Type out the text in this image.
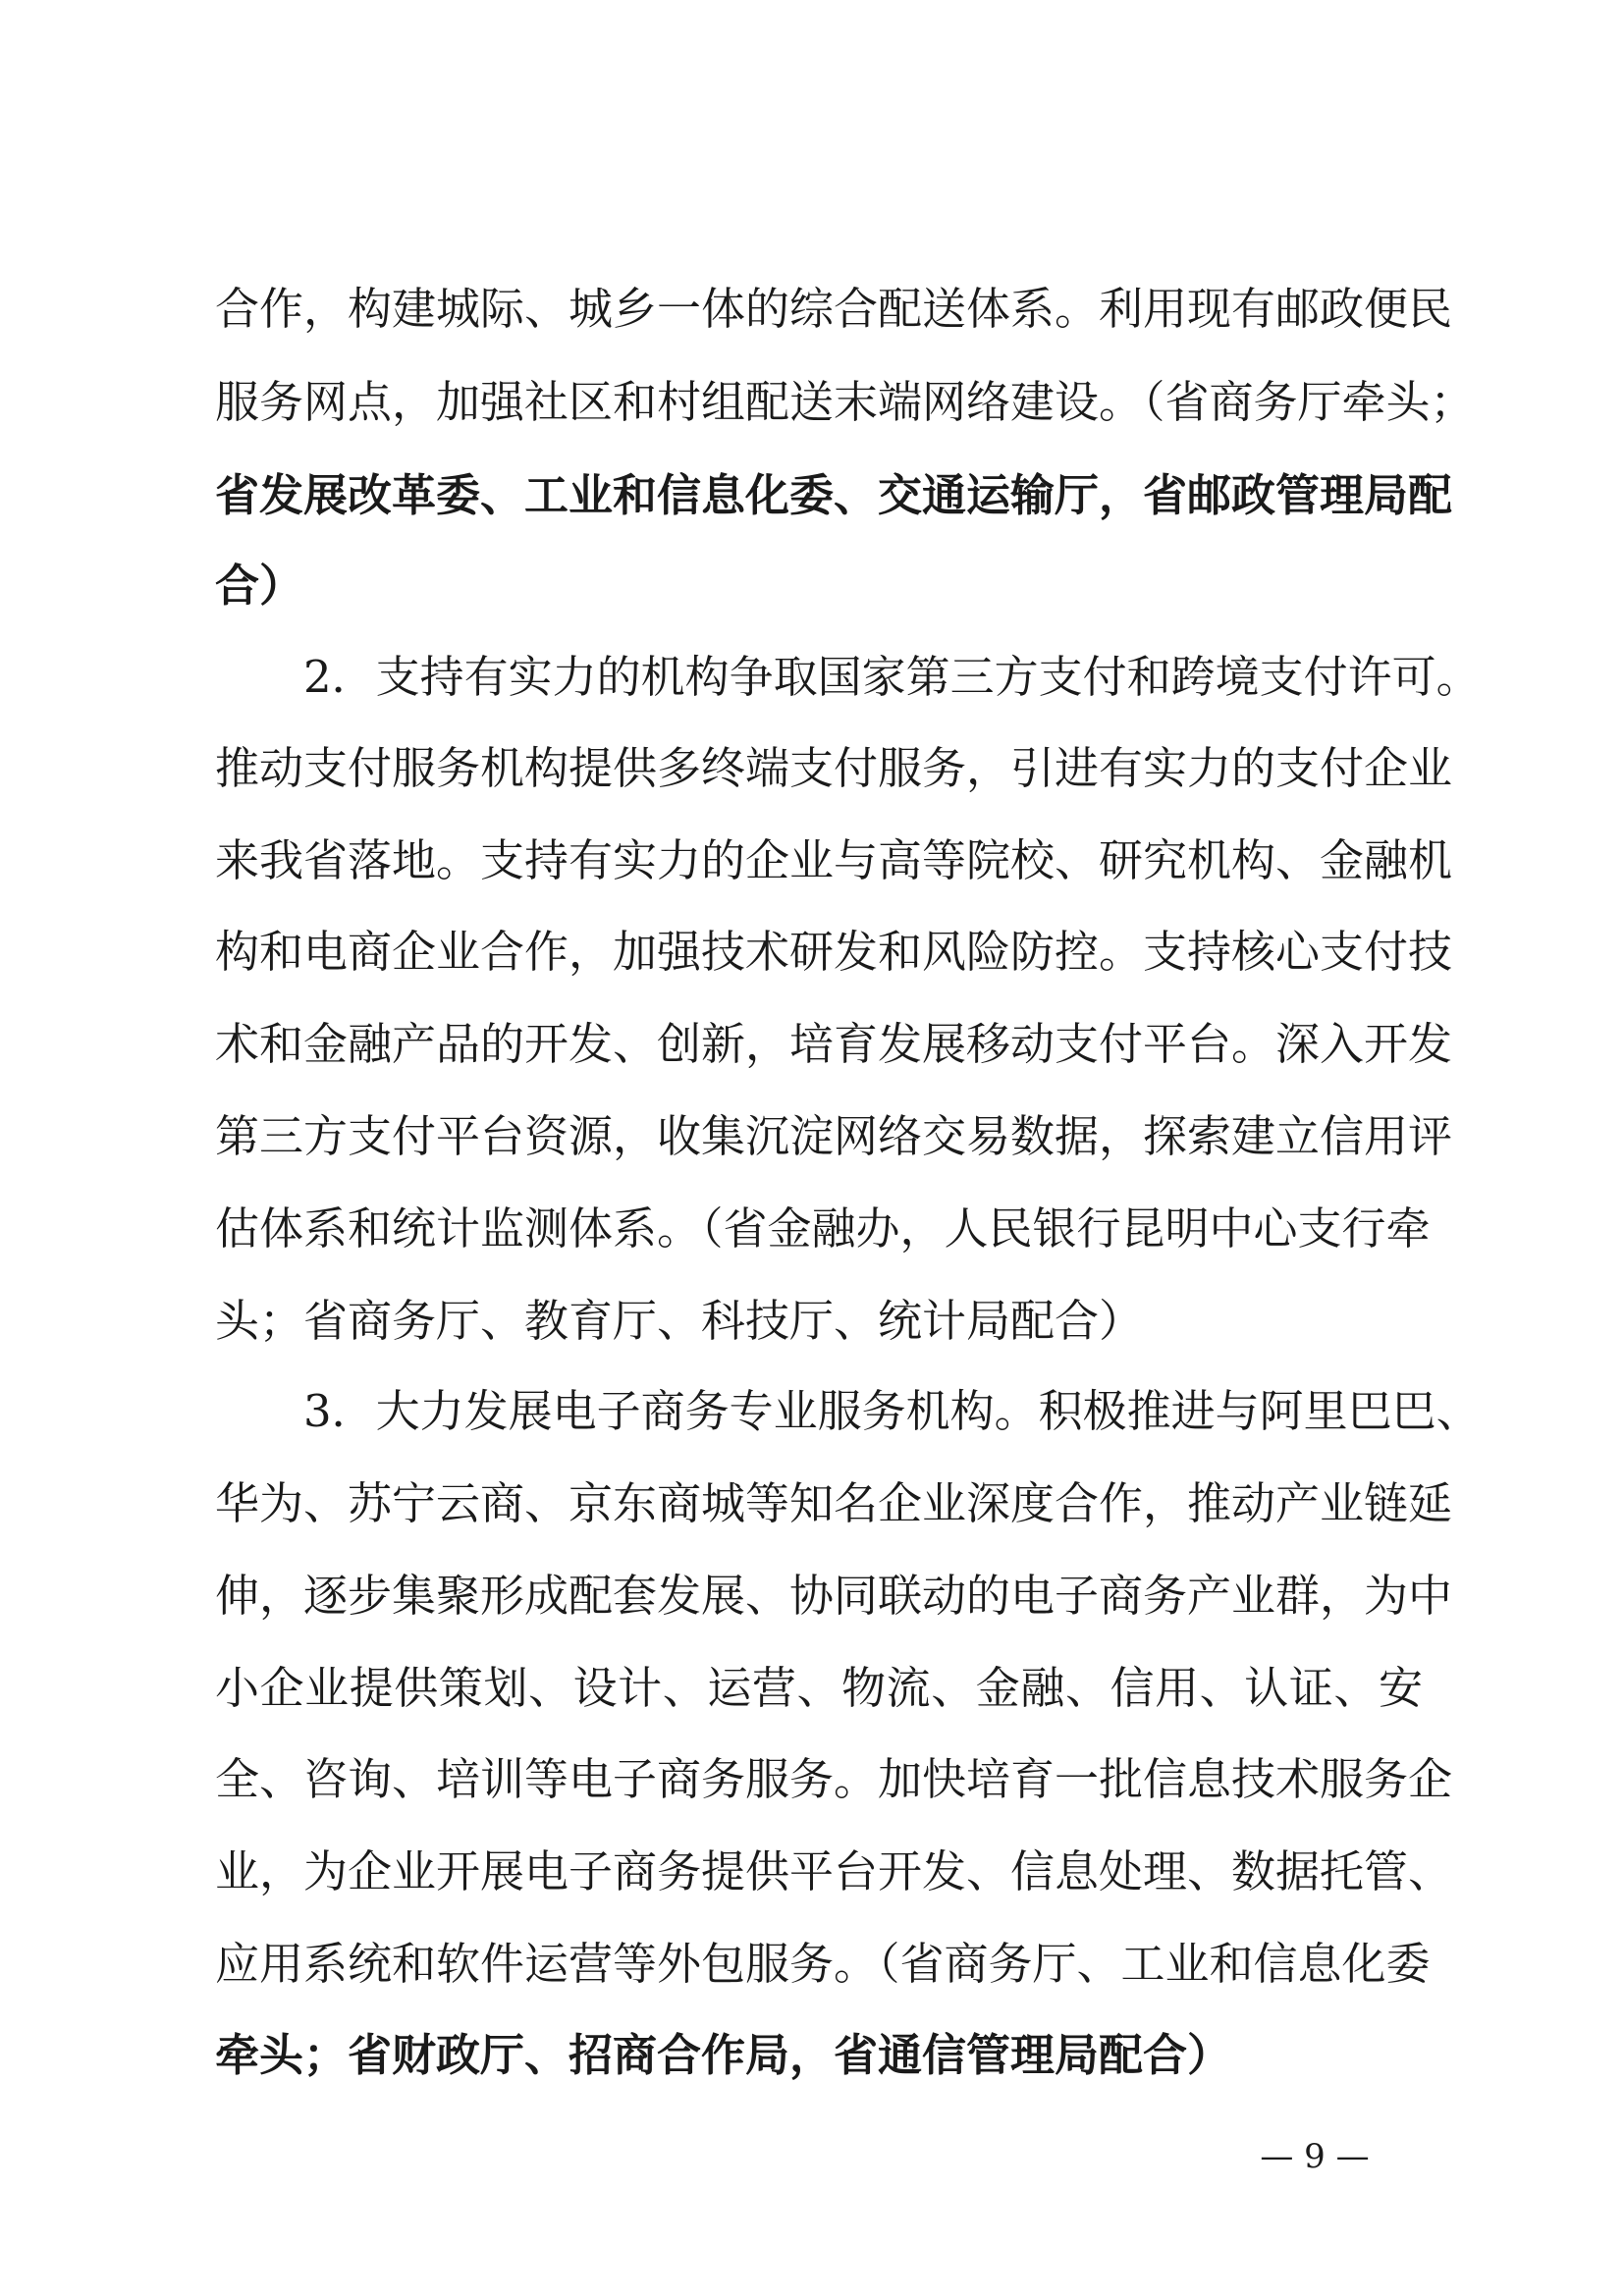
合作，构建城际、城乡一体的综合配送体系。利用现有邮政便民
服务网点，加强社区和村组配送末端网络建设。（省商务厅牵头；
省发展改革委、工业和信息化委、交通运输厅，省邮政管理局配
合）
2．支持有实力的机构争取国家第三方支付和跨境支付许可。
推动支付服务机构提供多终端支付服务，引进有实力的支付企业
来我省落地。支持有实力的企业与高等院校、研究机构、金融机
构和电商企业合作，加强技术研发和风险防控。支持核心支付技
术和金融产品的开发、创新，培育发展移动支付平台。深入开发
第三方支付平台资源，收集沉淀网络交易数据，探索建立信用评
估体系和统计监测体系。（省金融办，人民银行昆明中心支行牵
头；省商务厅、教育厅、科技厅、统计局配合）
3．大力发展电子商务专业服务机构。积极推进与阿里巴巴、
华为、苏宁云商、京东商城等知名企业深度合作，推动产业链延
伸，逐步集聚形成配套发展、协同联动的电子商务产业群，为中
小企业提供策划、设计、运营、物流、金融、信用、认证、安
全、咨询、培训等电子商务服务。加快培育一批信息技术服务企
业，为企业开展电子商务提供平台开发、信息处理、数据托管、
应用系统和软件运营等外包服务。（省商务厅、工业和信息化委
牵头；省财政厅、招商合作局，省通信管理局配合）
— 9 —
